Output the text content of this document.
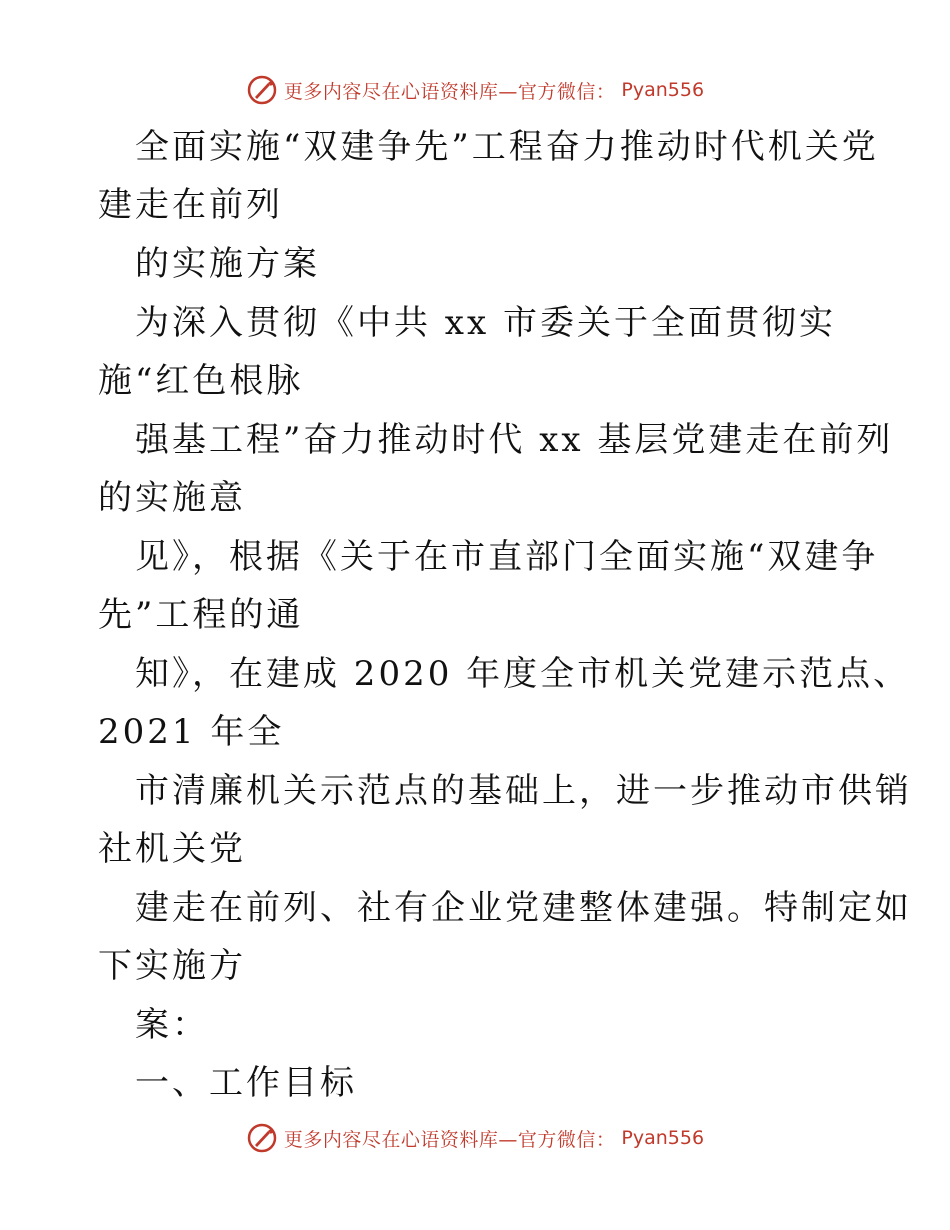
更多内容尽在心语资料库—官方微信： Pyan556
全面实施“双建争先”工程奋力推动时代机关党
建走在前列
的实施方案
为深入贯彻《中共 xx 市委关于全面贯彻实
施“红色根脉
强基工程”奋力推动时代 xx 基层党建走在前列
的实施意
见》，根据《关于在市直部门全面实施“双建争
先”工程的通
知》，在建成 2020 年度全市机关党建示范点、
2021 年全
市清廉机关示范点的基础上，进一步推动市供销
社机关党
建走在前列、社有企业党建整体建强。特制定如
下实施方
案：
一、工作目标
更多内容尽在心语资料库—官方微信： Pyan556
